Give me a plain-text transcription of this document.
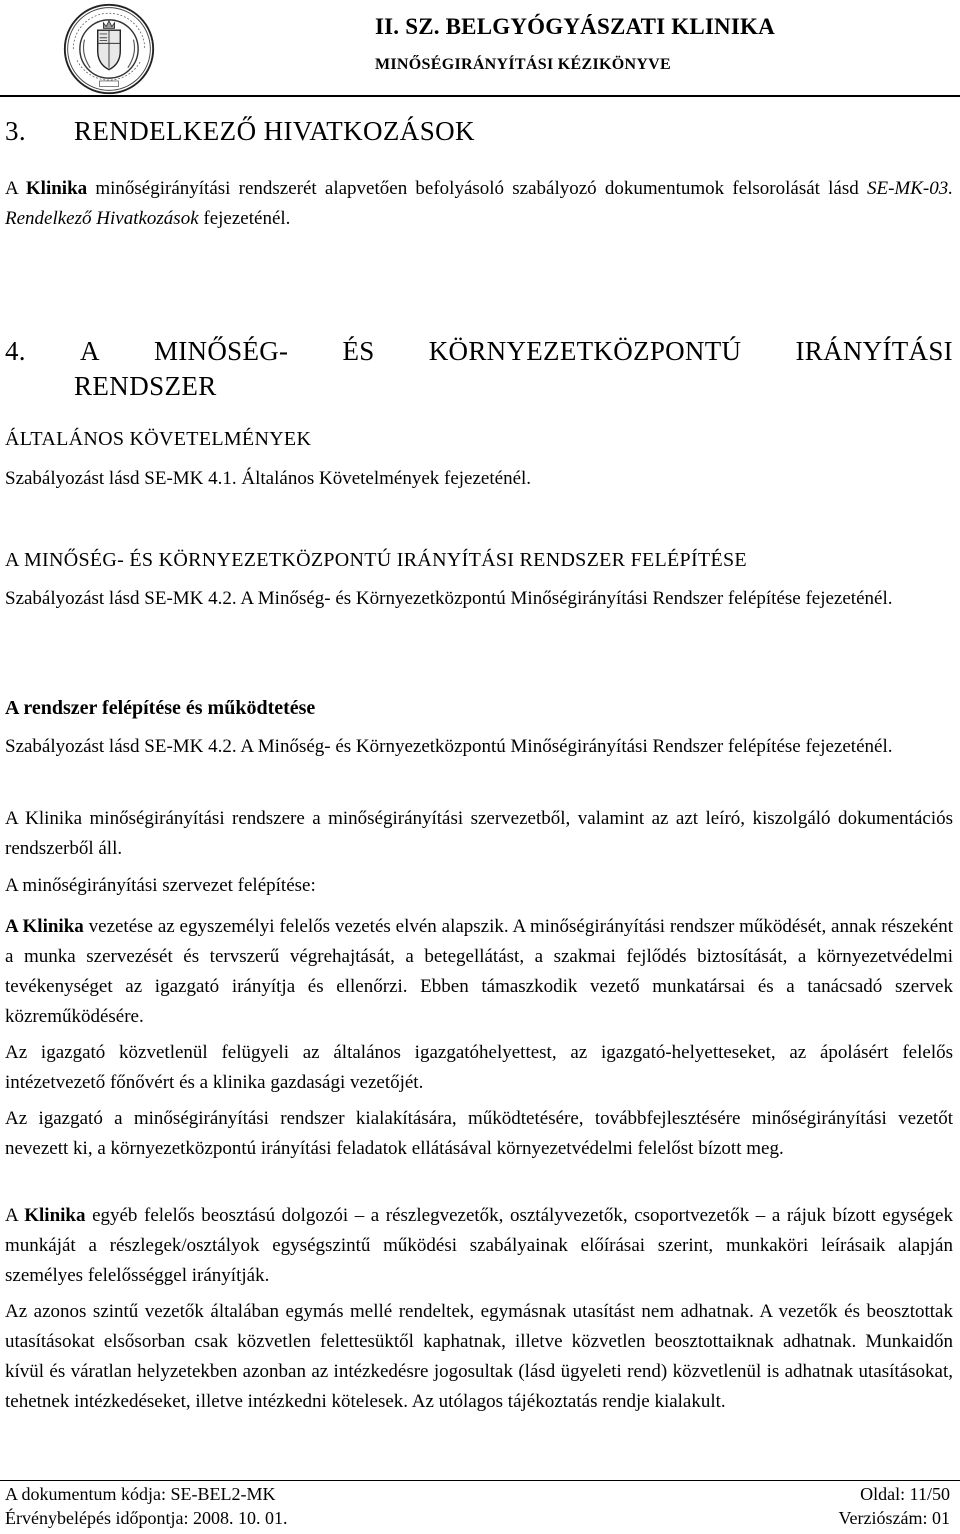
II. SZ. BELGYÓGYÁSZATI KLINIKA
MINŐSÉGIRÁNYÍTÁSI KÉZIKÖNYVE
3. RENDELKEZŐ HIVATKOZÁSOK

A Klinika minőségirányítási rendszerét alapvetően befolyásoló szabályozó dokumentumok felsorolását lásd SE-MK-03. Rendelkező Hivatkozások fejezeténél.

4. A MINŐSÉG- ÉS KÖRNYEZETKÖZPONTÚ IRÁNYÍTÁSI
RENDSZER
ÁLTALÁNOS KÖVETELMÉNYEK

Szabályozást lásd SE-MK 4.1. Általános Követelmények fejezeténél.

A MINŐSÉG- ÉS KÖRNYEZETKÖZPONTÚ IRÁNYÍTÁSI RENDSZER FELÉPÍTÉSE

Szabályozást lásd SE-MK 4.2. A Minőség- és Környezetközpontú Minőségirányítási Rendszer felépítése fejezeténél.

A rendszer felépítése és működtetése

Szabályozást lásd SE-MK 4.2. A Minőség- és Környezetközpontú Minőségirányítási Rendszer felépítése fejezeténél.

A Klinika minőségirányítási rendszere a minőségirányítási szervezetből, valamint az azt leíró, kiszolgáló dokumentációs rendszerből áll.

A minőségirányítási szervezet felépítése:

A Klinika vezetése az egyszemélyi felelős vezetés elvén alapszik. A minőségirányítási rendszer működését, annak részeként a munka szervezését és tervszerű végrehajtását, a betegellátást, a szakmai fejlődés biztosítását, a környezetvédelmi tevékenységet az igazgató irányítja és ellenőrzi. Ebben támaszkodik vezető munkatársai és a tanácsadó szervek közreműködésére.

Az igazgató közvetlenül felügyeli az általános igazgatóhelyettest, az igazgató-helyetteseket, az ápolásért felelős intézetvezető főnővért és a klinika gazdasági vezetőjét.

Az igazgató a minőségirányítási rendszer kialakítására, működtetésére, továbbfejlesztésére minőségirányítási vezetőt nevezett ki, a környezetközpontú irányítási feladatok ellátásával környezetvédelmi felelőst bízott meg.

A Klinika egyéb felelős beosztású dolgozói – a részlegvezetők, osztályvezetők, csoportvezetők – a rájuk bízott egységek munkáját a részlegek/osztályok egységszintű működési szabályainak előírásai szerint, munkaköri leírásaik alapján személyes felelősséggel irányítják.

Az azonos szintű vezetők általában egymás mellé rendeltek, egymásnak utasítást nem adhatnak. A vezetők és beosztottak utasításokat elsősorban csak közvetlen felettesüktől kaphatnak, illetve közvetlen beosztottaiknak adhatnak. Munkaidőn kívül és váratlan helyzetekben azonban az intézkedésre jogosultak (lásd ügyeleti rend) közvetlenül is adhatnak utasításokat, tehetnek intézkedéseket, illetve intézkedni kötelesek. Az utólagos tájékoztatás rendje kialakult.

A dokumentum kódja: SE-BEL2-MK	Oldal: 11/50
Érvénybelépés időpontja: 2008. 10. 01.	Verziószám: 01
